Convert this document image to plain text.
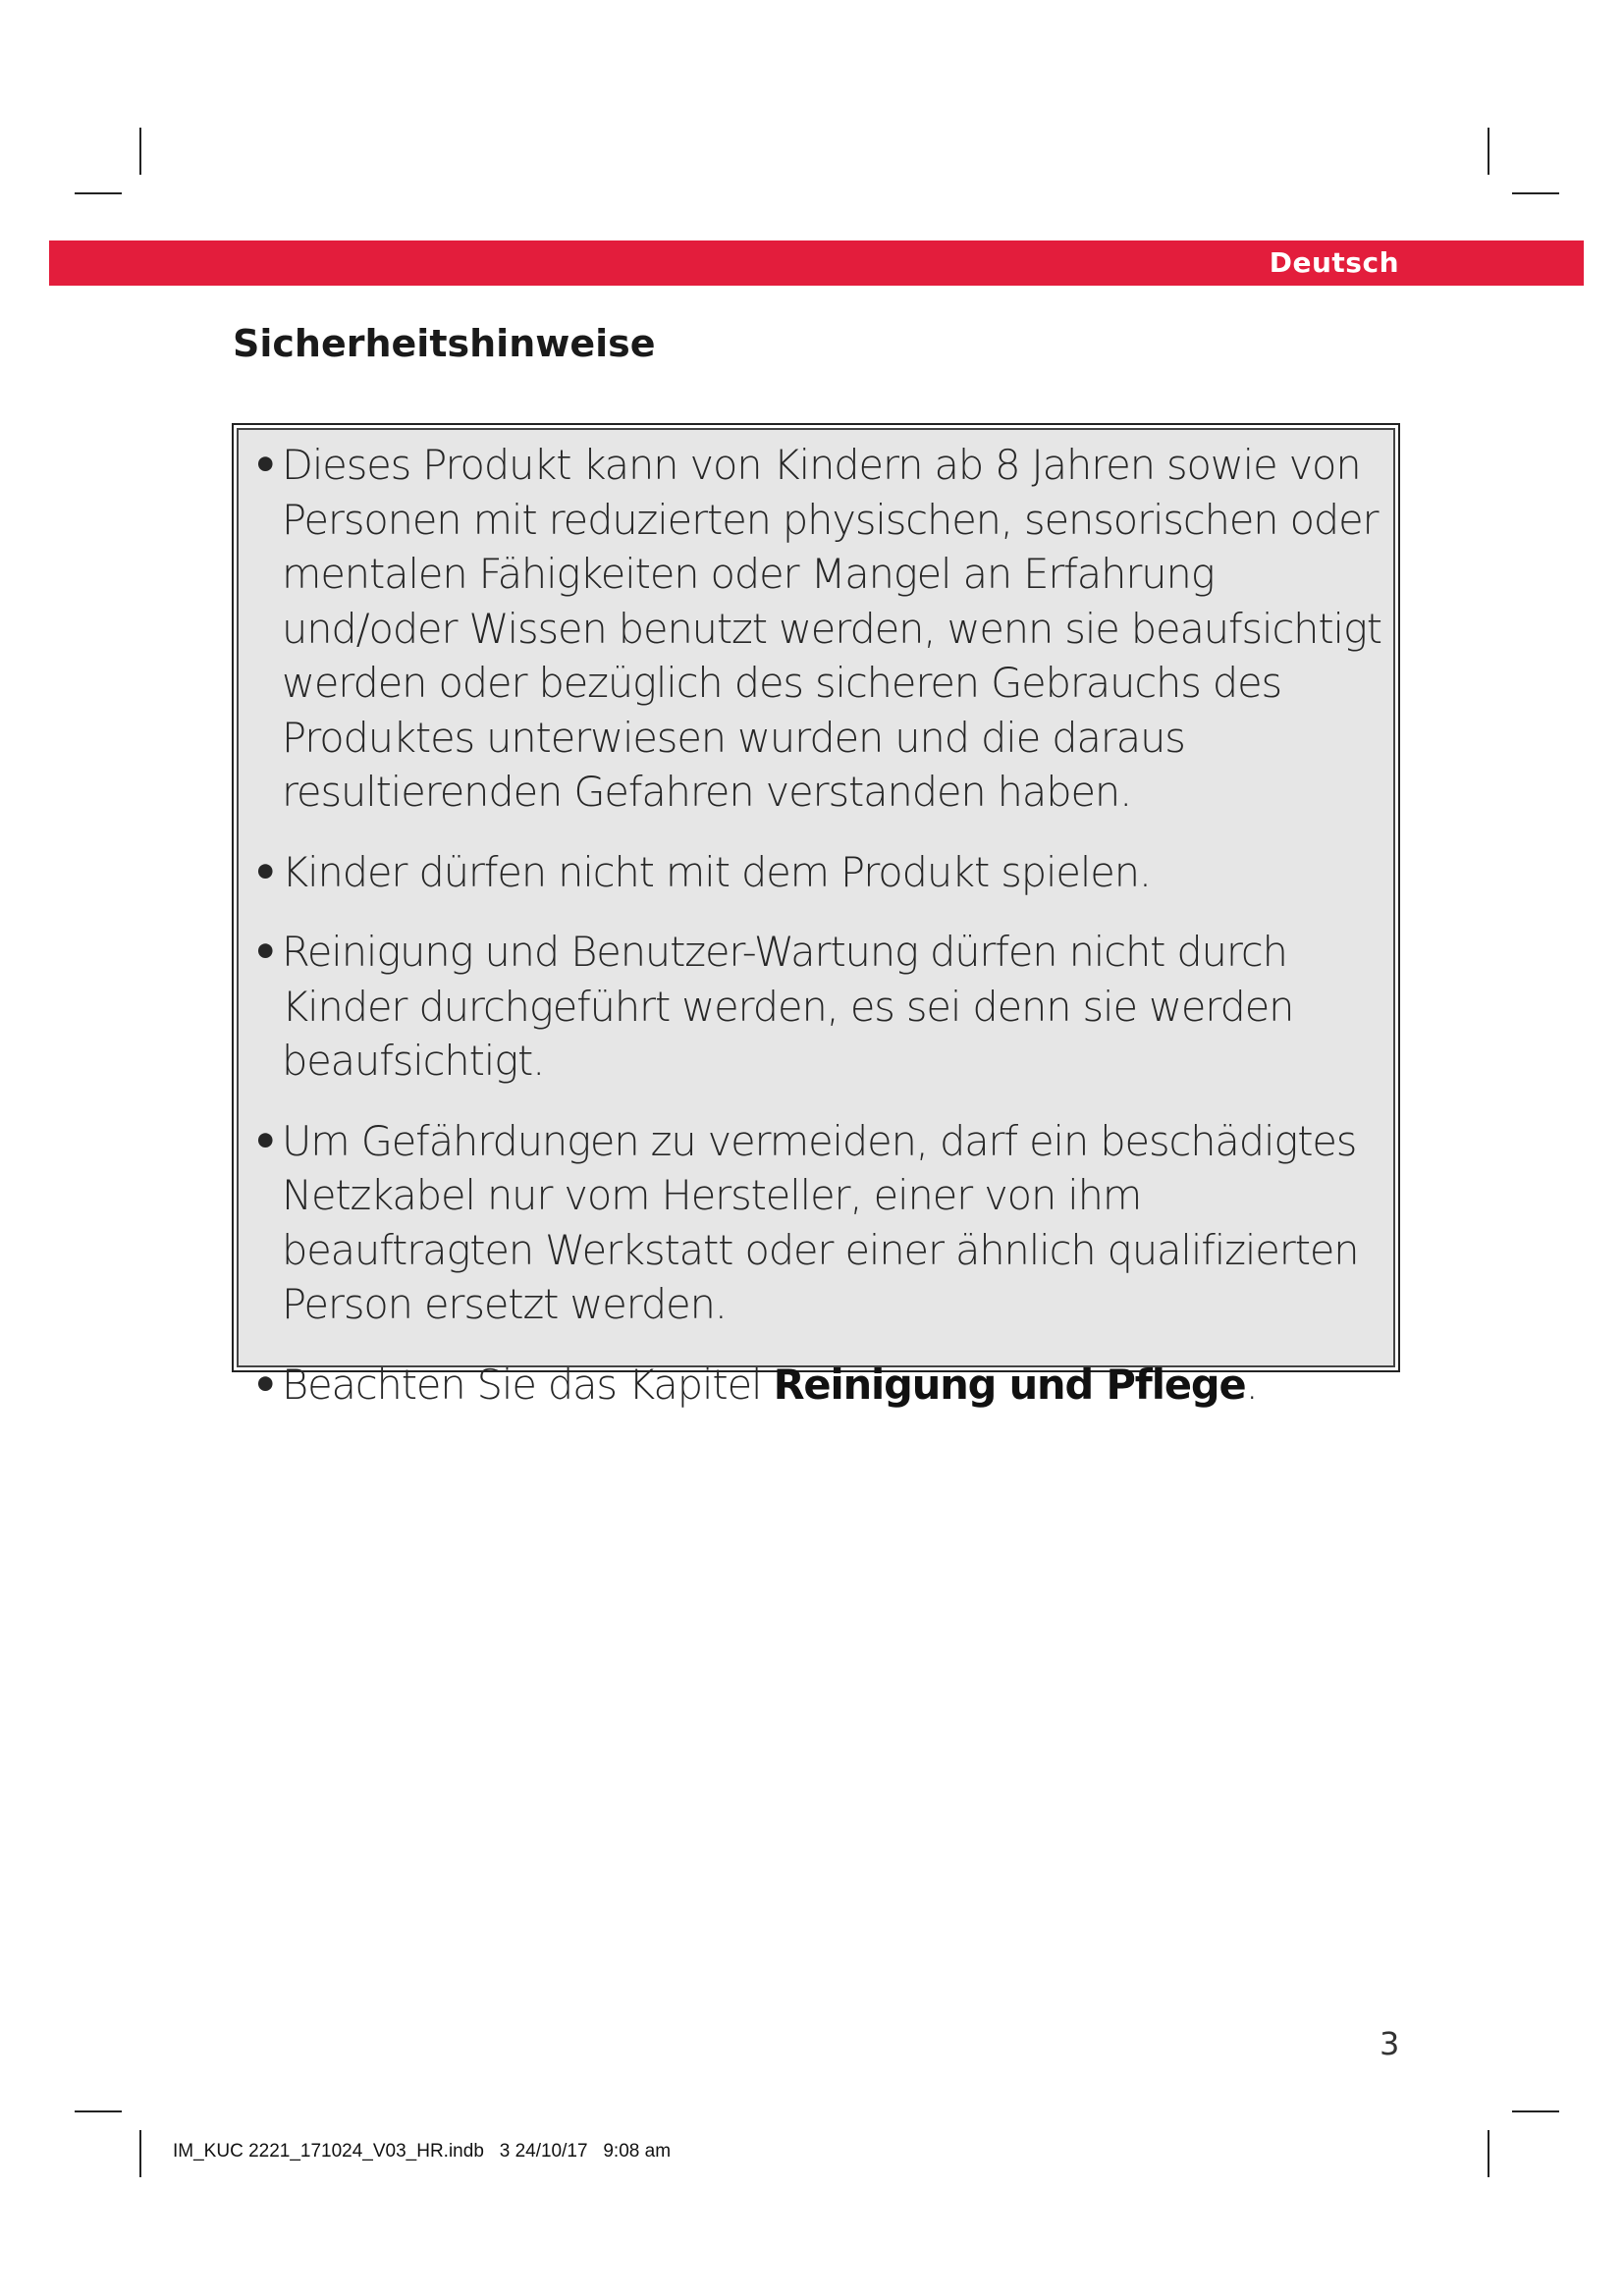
Deutsch
Sicherheitshinweise
• Dieses Produkt kann von Kindern ab 8 Jahren sowie von Personen mit reduzierten physischen, sensorischen oder mentalen Fähigkeiten oder Mangel an Erfahrung und/oder Wissen benutzt werden, wenn sie beaufsichtigt werden oder bezüglich des sicheren Gebrauchs des Produktes unterwiesen wurden und die daraus resultierenden Gefahren verstanden haben.
• Kinder dürfen nicht mit dem Produkt spielen.
• Reinigung und Benutzer-Wartung dürfen nicht durch Kinder durchgeführt werden, es sei denn sie werden beaufsichtigt.
• Um Gefährdungen zu vermeiden, darf ein beschädigtes Netzkabel nur vom Hersteller, einer von ihm beauftragten Werkstatt oder einer ähnlich qualifizierten Person ersetzt werden.
• Beachten Sie das Kapitel Reinigung und Pflege.
3
IM_KUC 2221_171024_V03_HR.indb   3 24/10/17   9:08 am
